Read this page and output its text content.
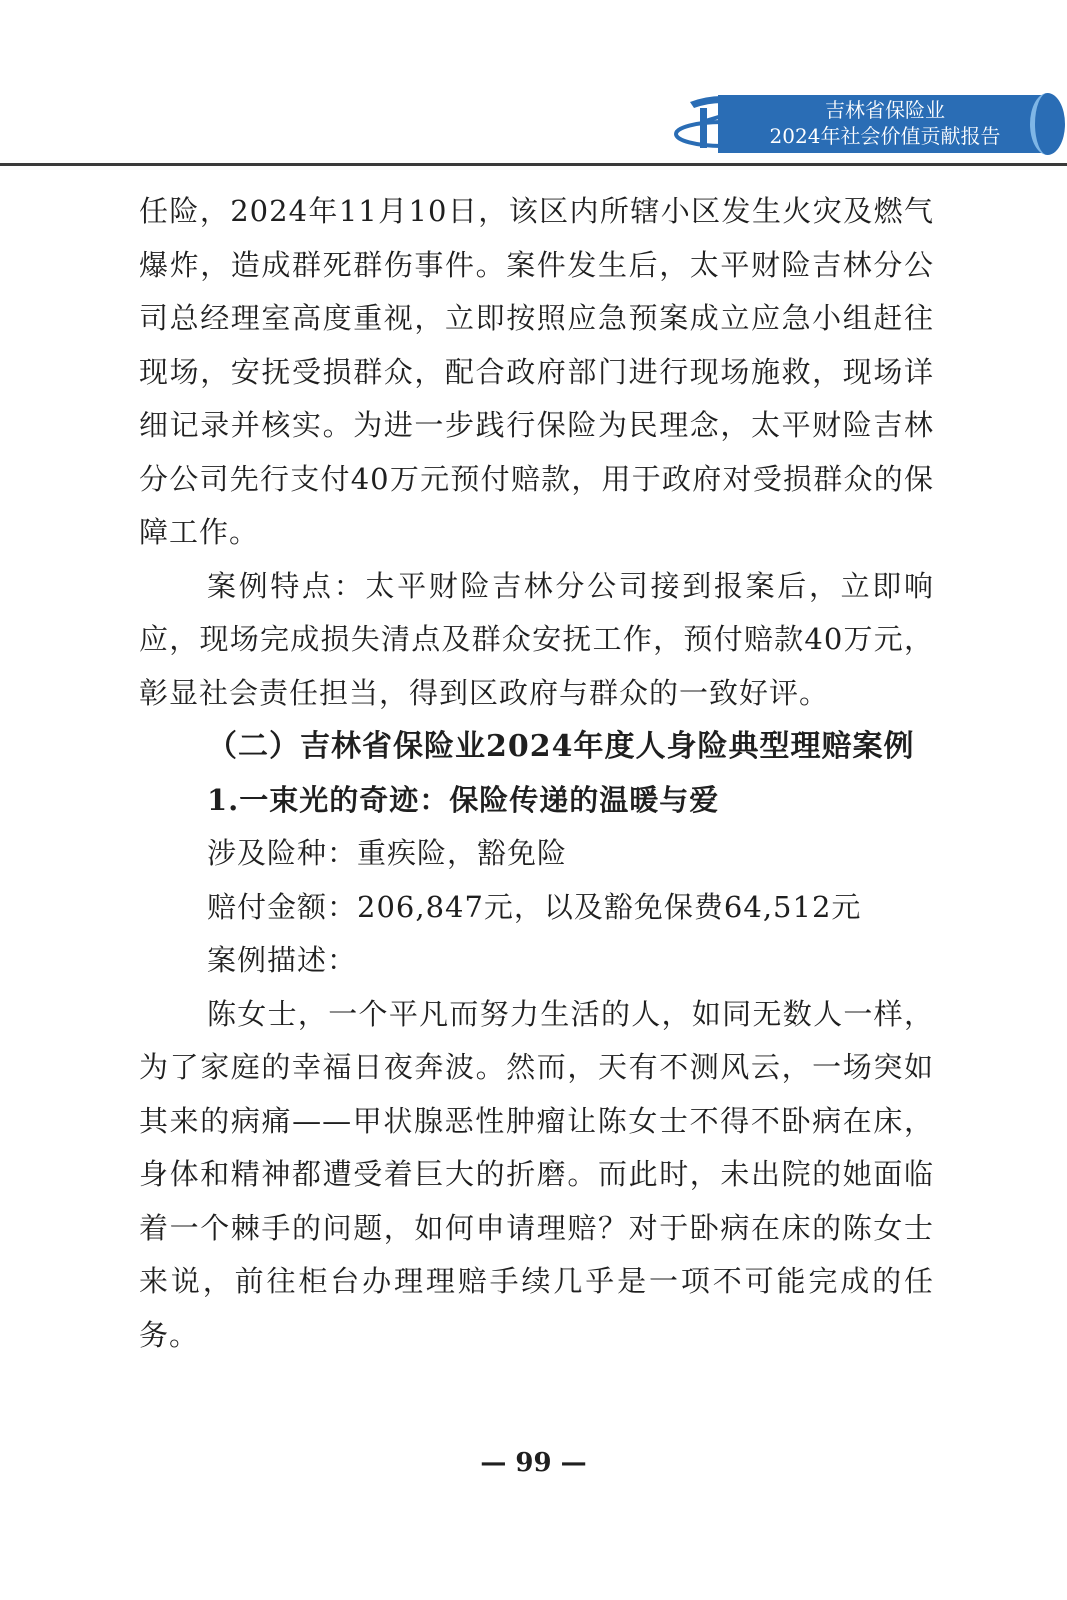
吉林省保险业
2024年社会价值贡献报告

任险，2024年11月10日，该区内所辖小区发生火灾及燃气爆炸，造成群死群伤事件。案件发生后，太平财险吉林分公司总经理室高度重视，立即按照应急预案成立应急小组赶往现场，安抚受损群众，配合政府部门进行现场施救，现场详细记录并核实。为进一步践行保险为民理念，太平财险吉林分公司先行支付40万元预付赔款，用于政府对受损群众的保障工作。

案例特点：太平财险吉林分公司接到报案后，立即响应，现场完成损失清点及群众安抚工作，预付赔款40万元，彰显社会责任担当，得到区政府与群众的一致好评。

（二）吉林省保险业2024年度人身险典型理赔案例

1.一束光的奇迹：保险传递的温暖与爱

涉及险种：重疾险，豁免险

赔付金额：206,847元，以及豁免保费64,512元

案例描述：

陈女士，一个平凡而努力生活的人，如同无数人一样，为了家庭的幸福日夜奔波。然而，天有不测风云，一场突如其来的病痛——甲状腺恶性肿瘤让陈女士不得不卧病在床，身体和精神都遭受着巨大的折磨。而此时，未出院的她面临着一个棘手的问题，如何申请理赔？对于卧病在床的陈女士来说，前往柜台办理理赔手续几乎是一项不可能完成的任务。

— 99 —
